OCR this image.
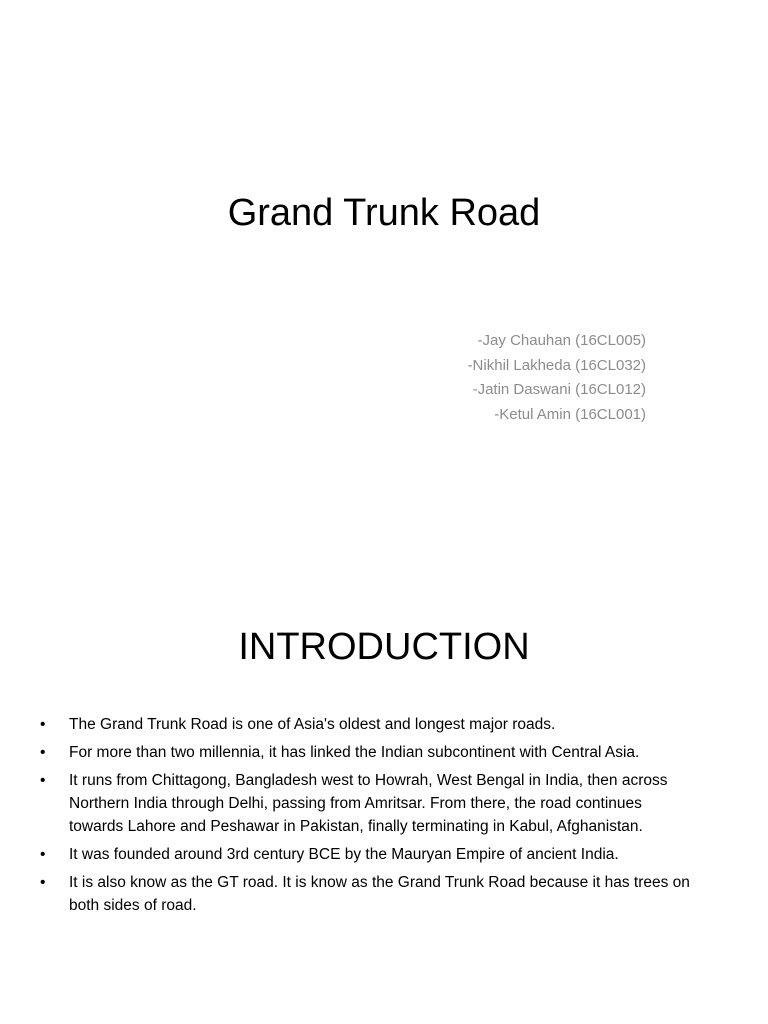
Grand Trunk Road
-Jay Chauhan (16CL005)
-Nikhil Lakheda (16CL032)
-Jatin Daswani (16CL012)
-Ketul Amin (16CL001)
INTRODUCTION
•	The Grand Trunk Road is one of Asia's oldest and longest major roads.
•	For more than two millennia, it has linked the Indian subcontinent with Central Asia.
•	It runs from Chittagong, Bangladesh west to Howrah, West Bengal in India, then across Northern India through Delhi, passing from Amritsar. From there, the road continues towards Lahore and Peshawar in Pakistan, finally terminating in Kabul, Afghanistan.
•	It was founded around 3rd century BCE by the Mauryan Empire of ancient India.
•	It is also know as the GT road. It is know as the Grand Trunk Road because it has trees on both sides of road.
